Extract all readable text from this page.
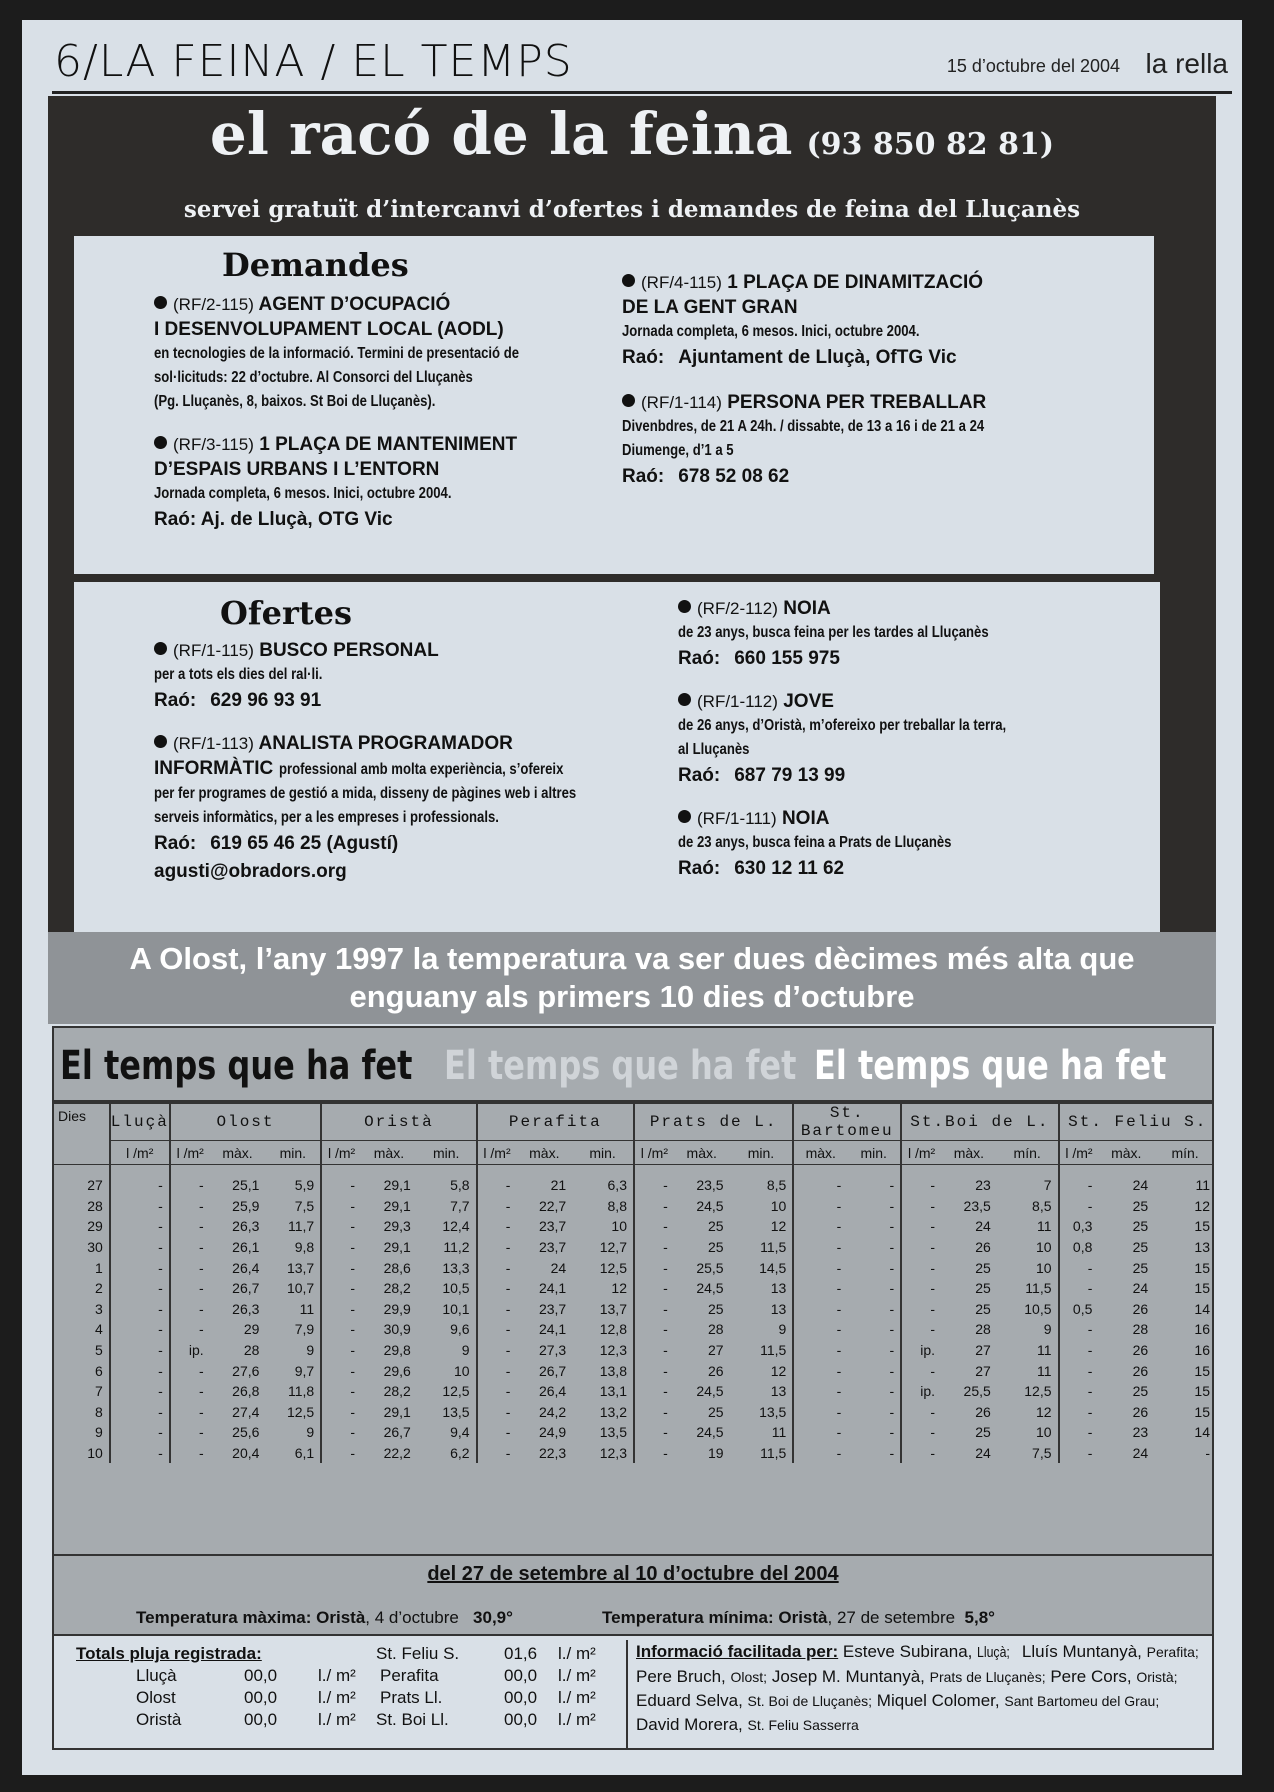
6/LA FEINA / EL TEMPS	15 d’octubre del 2004 la rella
el racó de la feina (93 850 82 81)
servei gratuït d’intercanvi d’ofertes i demandes de feina del Lluçanès
Demandes
(RF/2-115) AGENT D’OCUPACIÓ
I DESENVOLUPAMENT LOCAL (AODL)
en tecnologies de la informació. Termini de presentació de
sol·licituds: 22 d’octubre. Al Consorci del Lluçanès
(Pg. Lluçanès, 8, baixos. St Boi de Lluçanès).
(RF/3-115) 1 PLAÇA DE MANTENIMENT
D’ESPAIS URBANS I L’ENTORN
Jornada completa, 6 mesos. Inici, octubre 2004.
Raó: Aj. de Lluçà, OTG Vic
(RF/4-115) 1 PLAÇA DE DINAMITZACIÓ
DE LA GENT GRAN
Jornada completa, 6 mesos. Inici, octubre 2004.
Raó: Ajuntament de Lluçà, OfTG Vic
(RF/1-114) PERSONA PER TREBALLAR
Divenbdres, de 21 A 24h. / dissabte, de 13 a 16 i de 21 a 24
Diumenge, d’1 a 5
Raó: 678 52 08 62
Ofertes
(RF/1-115) BUSCO PERSONAL
per a tots els dies del ral·li.
Raó: 629 96 93 91
(RF/1-113) ANALISTA PROGRAMADOR
INFORMÀTIC professional amb molta experiència, s’ofereix
per fer programes de gestió a mida, disseny de pàgines web i altres
serveis informàtics, per a les empreses i professionals.
Raó: 619 65 46 25 (Agustí)
agusti@obradors.org
(RF/2-112) NOIA
de 23 anys, busca feina per les tardes al Lluçanès
Raó: 660 155 975
(RF/1-112) JOVE
de 26 anys, d’Oristà, m’ofereixo per treballar la terra,
al Lluçanès
Raó: 687 79 13 99
(RF/1-111) NOIA
de 23 anys, busca feina a Prats de Lluçanès
Raó: 630 12 11 62
A Olost, l’any 1997 la temperatura va ser dues dècimes més alta que
enguany als primers 10 dies d’octubre
El temps que ha fet El temps que ha fet El temps que ha fet
Dies	Lluçà	Olost			Oristà			Perafita			Prats de L.			St. Bartomeu		St.Boi de L.			St. Feliu S.		
	l /m²	l /m²	màx.	min.	l /m²	màx.	min.	l /m²	màx.	min.	l /m²	màx.	min.	màx.	min.	l /m²	màx.	mín.	l /m²	màx.	mín.
27	-	-	25,1	5,9	-	29,1	5,8	-	21	6,3	-	23,5	8,5	-	-	-	23	7	-	24	11
28	-	-	25,9	7,5	-	29,1	7,7	-	22,7	8,8	-	24,5	10	-	-	-	23,5	8,5	-	25	12
29	-	-	26,3	11,7	-	29,3	12,4	-	23,7	10	-	25	12	-	-	-	24	11	0,3	25	15
30	-	-	26,1	9,8	-	29,1	11,2	-	23,7	12,7	-	25	11,5	-	-	-	26	10	0,8	25	13
1	-	-	26,4	13,7	-	28,6	13,3	-	24	12,5	-	25,5	14,5	-	-	-	25	10	-	25	15
2	-	-	26,7	10,7	-	28,2	10,5	-	24,1	12	-	24,5	13	-	-	-	25	11,5	-	24	15
3	-	-	26,3	11	-	29,9	10,1	-	23,7	13,7	-	25	13	-	-	-	25	10,5	0,5	26	14
4	-	-	29	7,9	-	30,9	9,6	-	24,1	12,8	-	28	9	-	-	-	28	9	-	28	16
5	-	ip.	28	9	-	29,8	9	-	27,3	12,3	-	27	11,5	-	-	ip.	27	11	-	26	16
6	-	-	27,6	9,7	-	29,6	10	-	26,7	13,8	-	26	12	-	-	-	27	11	-	26	15
7	-	-	26,8	11,8	-	28,2	12,5	-	26,4	13,1	-	24,5	13	-	-	ip.	25,5	12,5	-	25	15
8	-	-	27,4	12,5	-	29,1	13,5	-	24,2	13,2	-	25	13,5	-	-	-	26	12	-	26	15
9	-	-	25,6	9	-	26,7	9,4	-	24,9	13,5	-	24,5	11	-	-	-	25	10	-	23	14
10	-	-	20,4	6,1	-	22,2	6,2	-	22,3	12,3	-	19	11,5	-	-	-	24	7,5	-	24	-
del 27 de setembre al 10 d’octubre del 2004
Temperatura màxima: Oristà, 4 d’octubre 30,9°	Temperatura mínima: Oristà, 27 de setembre 5,8°
Totals pluja registrada:
Lluçà	00,0 l./ m²
Olost	00,0 l./ m²
Oristà	00,0 l./ m²
St. Feliu S.	01,6 l./ m²
Perafita	00,0 l./ m²
Prats Ll.	00,0 l./ m²
St. Boi Ll.	00,0 l./ m²
Informació facilitada per: Esteve Subirana, Lluçà; Lluís Muntanyà, Perafita; Pere Bruch, Olost; Josep M. Muntanyà, Prats de Lluçanès; Pere Cors, Oristà; Eduard Selva, St. Boi de Lluçanès; Miquel Colomer, Sant Bartomeu del Grau; David Morera, St. Feliu Sasserra
